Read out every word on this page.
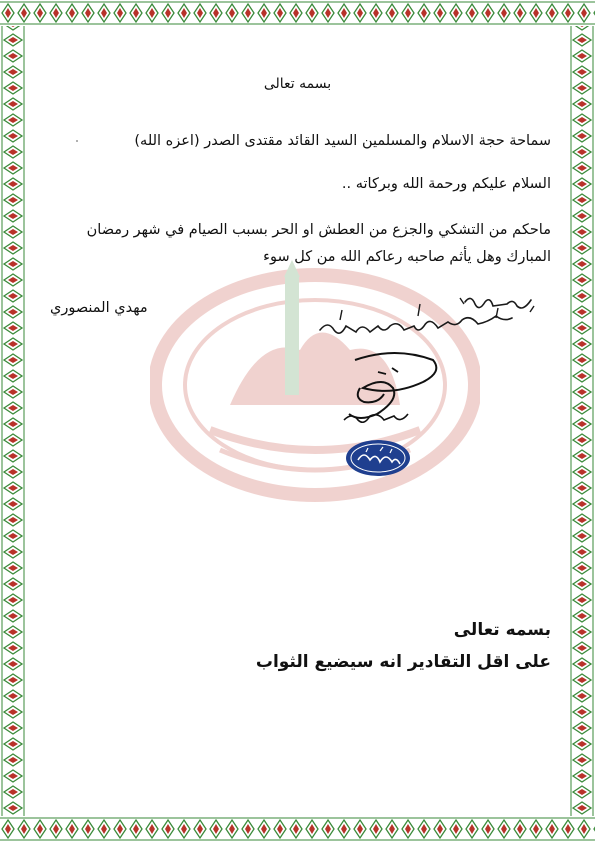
بسمه تعالى
سماحة حجة الاسلام والمسلمين السيد القائد مقتدى الصدر (اعزه الله)
السلام عليكم ورحمة الله وبركاته ..
ماحكم من التشكي والجزع من العطش او الحر بسبب الصيام في شهر رمضان
المبارك وهل يأثم صاحبه رعاكم الله من كل سوء
مهدي المنصوري
بسمه تعالى
على اقل التقادير انه سيضيع الثواب
